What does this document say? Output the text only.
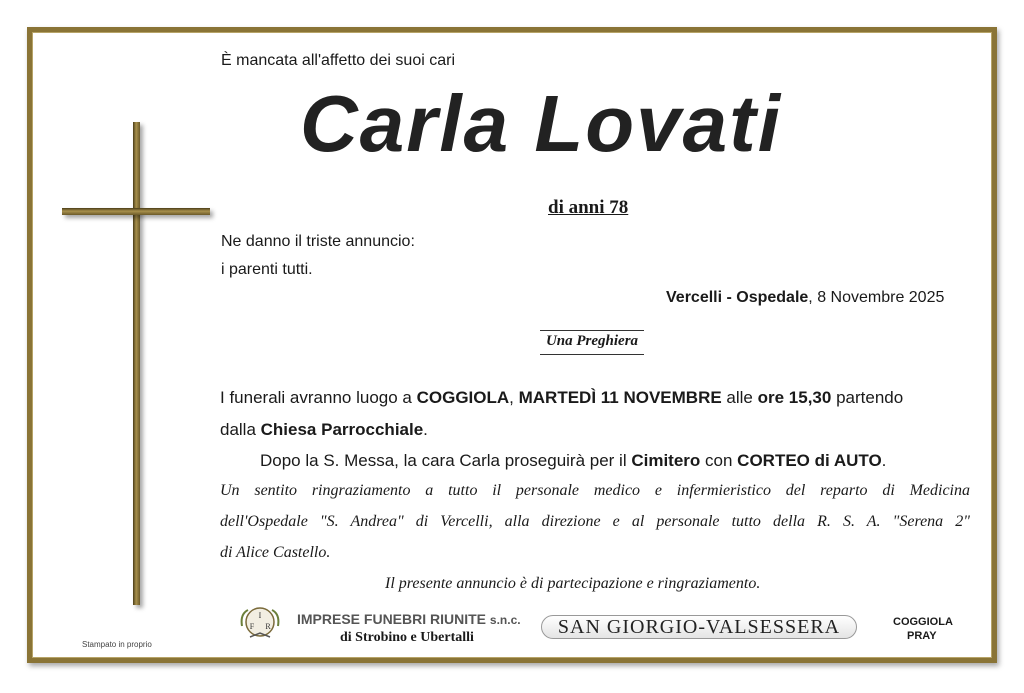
È mancata all'affetto dei suoi cari
Carla Lovati
di anni 78
Ne danno il triste annuncio:
i parenti tutti.
Vercelli - Ospedale, 8 Novembre 2025
Una Preghiera
I funerali avranno luogo a COGGIOLA, MARTEDÌ 11 NOVEMBRE alle ore 15,30 partendo
dalla Chiesa Parrocchiale.
Dopo la S. Messa, la cara Carla proseguirà per il Cimitero con CORTEO di AUTO.
Un sentito ringraziamento a tutto il personale medico e infermieristico del reparto di Medicina
dell'Ospedale "S. Andrea" di Vercelli, alla direzione e al personale tutto della R. S. A. "Serena 2"
di Alice Castello.
Il presente annuncio è di partecipazione e ringraziamento.
Stampato in proprio
I
F R IMPRESE FUNEBRI RIUNITE s.n.c.
di Strobino e Ubertalli	SAN GIORGIO-VALSESSERA	COGGIOLA
PRAY
